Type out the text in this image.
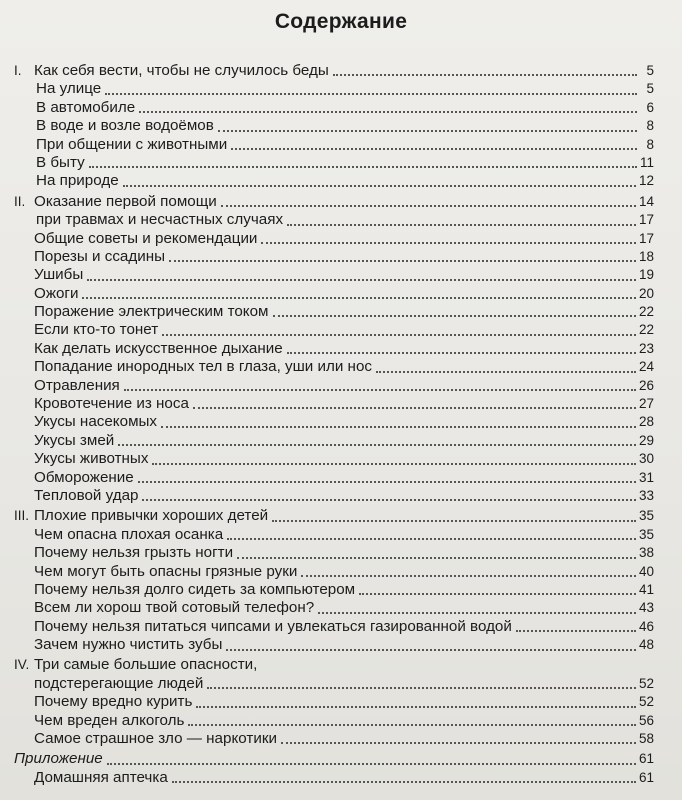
Содержание
I. Как себя вести, чтобы не случилось беды	5
На улице	5
В автомобиле	6
В воде и возле водоёмов	8
При общении с животными	8
В быту	11
На природе	12
II. Оказание первой помощи	14
при травмах и несчастных случаях	17
Общие советы и рекомендации	17
Порезы и ссадины	18
Ушибы	19
Ожоги	20
Поражение электрическим током	22
Если кто-то тонет	22
Как делать искусственное дыхание	23
Попадание инородных тел в глаза, уши или нос	24
Отравления	26
Кровотечение из носа	27
Укусы насекомых	28
Укусы змей	29
Укусы животных	30
Обморожение	31
Тепловой удар	33
III. Плохие привычки хороших детей	35
Чем опасна плохая осанка	35
Почему нельзя грызть ногти	38
Чем могут быть опасны грязные руки	40
Почему нельзя долго сидеть за компьютером	41
Всем ли хорош твой сотовый телефон?	43
Почему нельзя питаться чипсами и увлекаться газированной водой	46
Зачем нужно чистить зубы	48
IV. Три самые большие опасности,
подстерегающие людей	52
Почему вредно курить	52
Чем вреден алкоголь	56
Самое страшное зло — наркотики	58
Приложение	61
Домашняя аптечка	61
